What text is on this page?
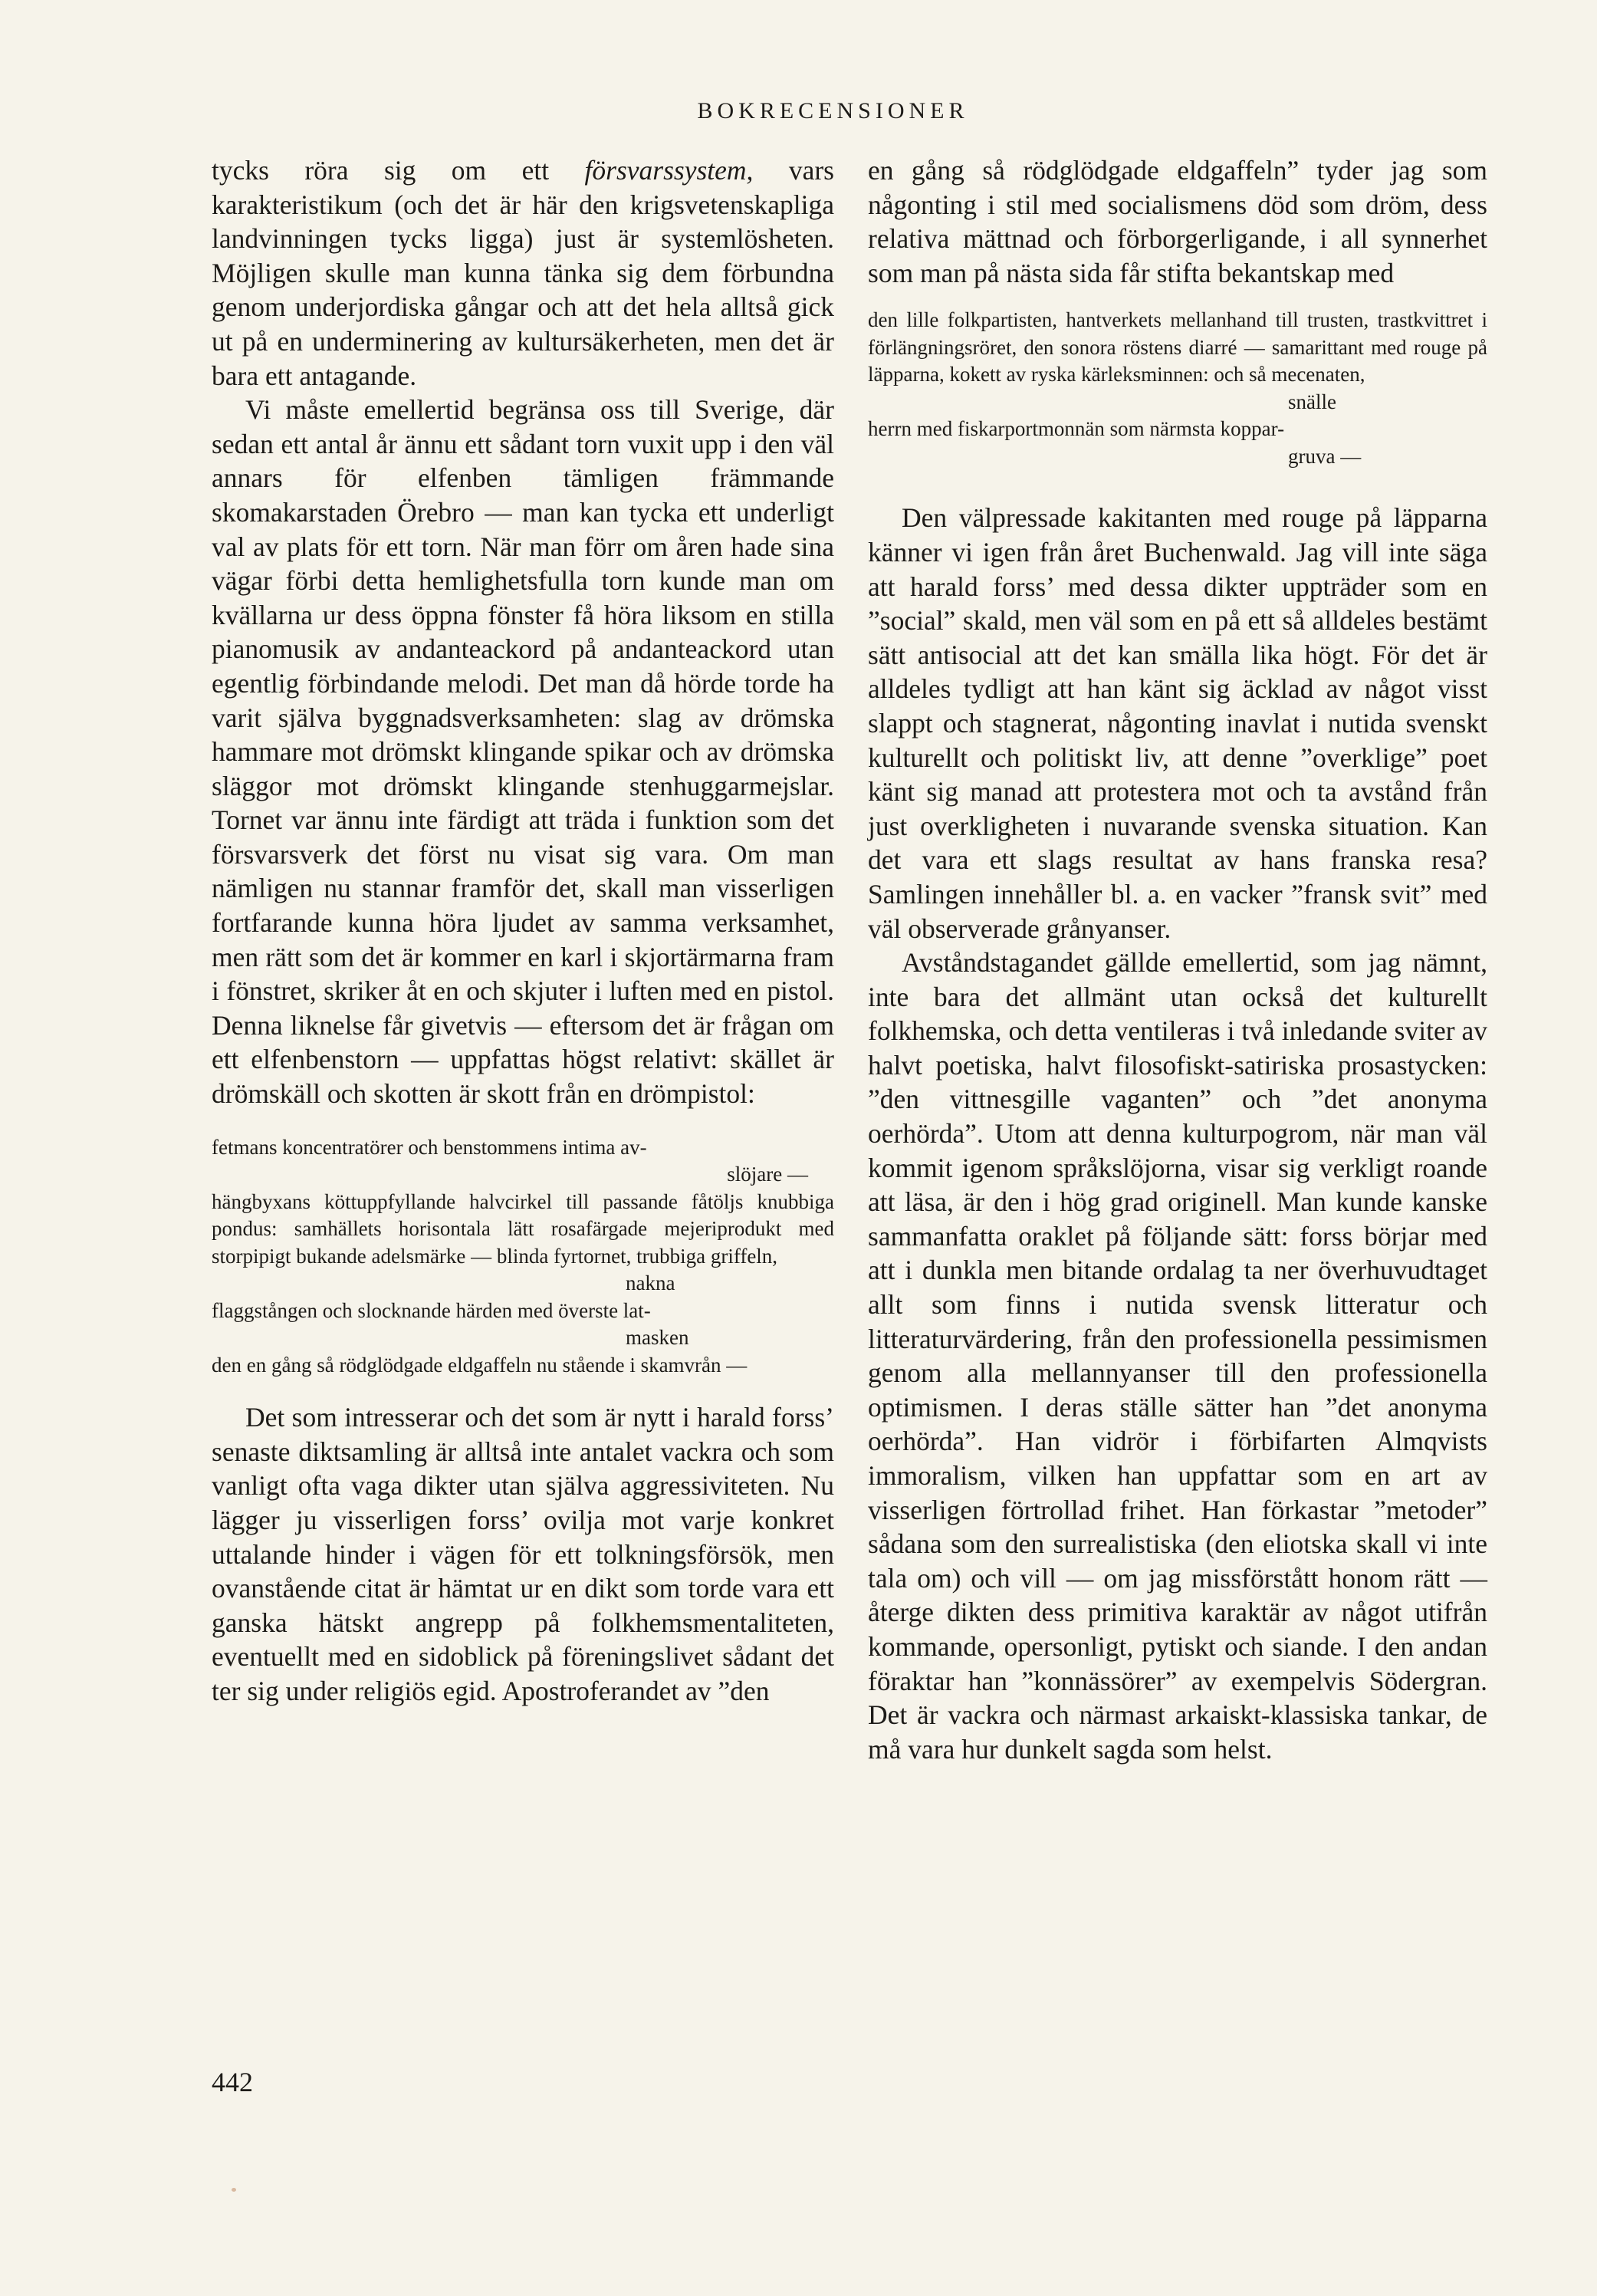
BOKRECENSIONER

tycks röra sig om ett försvarssystem, vars karakteristikum (och det är här den krigsvetenskapliga landvinningen tycks ligga) just är systemlösheten. Möjligen skulle man kunna tänka sig dem förbundna genom underjordiska gångar och att det hela alltså gick ut på en underminering av kultursäkerheten, men det är bara ett antagande.

Vi måste emellertid begränsa oss till Sverige, där sedan ett antal år ännu ett sådant torn vuxit upp i den väl annars för elfenben tämligen främmande skomakarstaden Örebro — man kan tycka ett underligt val av plats för ett torn. När man förr om åren hade sina vägar förbi detta hemlighetsfulla torn kunde man om kvällarna ur dess öppna fönster få höra liksom en stilla pianomusik av andanteackord på andanteackord utan egentlig förbindande melodi. Det man då hörde torde ha varit själva byggnadsverksamheten: slag av drömska hammare mot drömskt klingande spikar och av drömska släggor mot drömskt klingande stenhuggarmejslar. Tornet var ännu inte färdigt att träda i funktion som det försvarsverk det först nu visat sig vara. Om man nämligen nu stannar framför det, skall man visserligen fortfarande kunna höra ljudet av samma verksamhet, men rätt som det är kommer en karl i skjortärmarna fram i fönstret, skriker åt en och skjuter i luften med en pistol. Denna liknelse får givetvis — eftersom det är frågan om ett elfenbenstorn — uppfattas högst relativt: skället är drömskäll och skotten är skott från en drömpistol:

fetmans koncentratörer och benstommens intima av-
slöjare —
hängbyxans köttuppfyllande halvcirkel till passande fåtöljs knubbiga pondus: samhällets horisontala lätt rosafärgade mejeriprodukt med storpipigt bukande adelsmärke — blinda fyrtornet, trubbiga griffeln,
nakna
flaggstången och slocknande härden med överste lat-
masken
den en gång så rödglödgade eldgaffeln nu stående i skamvrån —

Det som intresserar och det som är nytt i harald forss’ senaste diktsamling är alltså inte antalet vackra och som vanligt ofta vaga dikter utan själva aggressiviteten. Nu lägger ju visserligen forss’ ovilja mot varje konkret uttalande hinder i vägen för ett tolkningsförsök, men ovanstående citat är hämtat ur en dikt som torde vara ett ganska hätskt angrepp på folkhemsmentaliteten, eventuellt med en sidoblick på föreningslivet sådant det ter sig under religiös egid. Apostroferandet av ”den

en gång så rödglödgade eldgaffeln” tyder jag som någonting i stil med socialismens död som dröm, dess relativa mättnad och förborgerligande, i all synnerhet som man på nästa sida får stifta bekantskap med

den lille folkpartisten, hantverkets mellanhand till trusten, trastkvittret i förlängningsröret, den sonora röstens diarré — samarittant med rouge på läpparna, kokett av ryska kärleksminnen: och så mecenaten,
snälle
herrn med fiskarportmonnän som närmsta koppar-
gruva —

Den välpressade kakitanten med rouge på läpparna känner vi igen från året Buchenwald. Jag vill inte säga att harald forss’ med dessa dikter uppträder som en ”social” skald, men väl som en på ett så alldeles bestämt sätt antisocial att det kan smälla lika högt. För det är alldeles tydligt att han känt sig äcklad av något visst slappt och stagnerat, någonting inavlat i nutida svenskt kulturellt och politiskt liv, att denne ”overklige” poet känt sig manad att protestera mot och ta avstånd från just overkligheten i nuvarande svenska situation. Kan det vara ett slags resultat av hans franska resa? Samlingen innehåller bl. a. en vacker ”fransk svit” med väl observerade grånyanser.

Avståndstagandet gällde emellertid, som jag nämnt, inte bara det allmänt utan också det kulturellt folkhemska, och detta ventileras i två inledande sviter av halvt poetiska, halvt filosofiskt-satiriska prosastycken: ”den vittnesgille vaganten” och ”det anonyma oerhörda”. Utom att denna kulturpogrom, när man väl kommit igenom språkslöjorna, visar sig verkligt roande att läsa, är den i hög grad originell. Man kunde kanske sammanfatta oraklet på följande sätt: forss börjar med att i dunkla men bitande ordalag ta ner överhuvudtaget allt som finns i nutida svensk litteratur och litteraturvärdering, från den professionella pessimismen genom alla mellannyanser till den professionella optimismen. I deras ställe sätter han ”det anonyma oerhörda”. Han vidrör i förbifarten Almqvists immoralism, vilken han uppfattar som en art av visserligen förtrollad frihet. Han förkastar ”metoder” sådana som den surrealistiska (den eliotska skall vi inte tala om) och vill — om jag missförstått honom rätt — återge dikten dess primitiva karaktär av något utifrån kommande, opersonligt, pytiskt och siande. I den andan föraktar han ”konnässörer” av exempelvis Södergran. Det är vackra och närmast arkaiskt-klassiska tankar, de må vara hur dunkelt sagda som helst.

442
